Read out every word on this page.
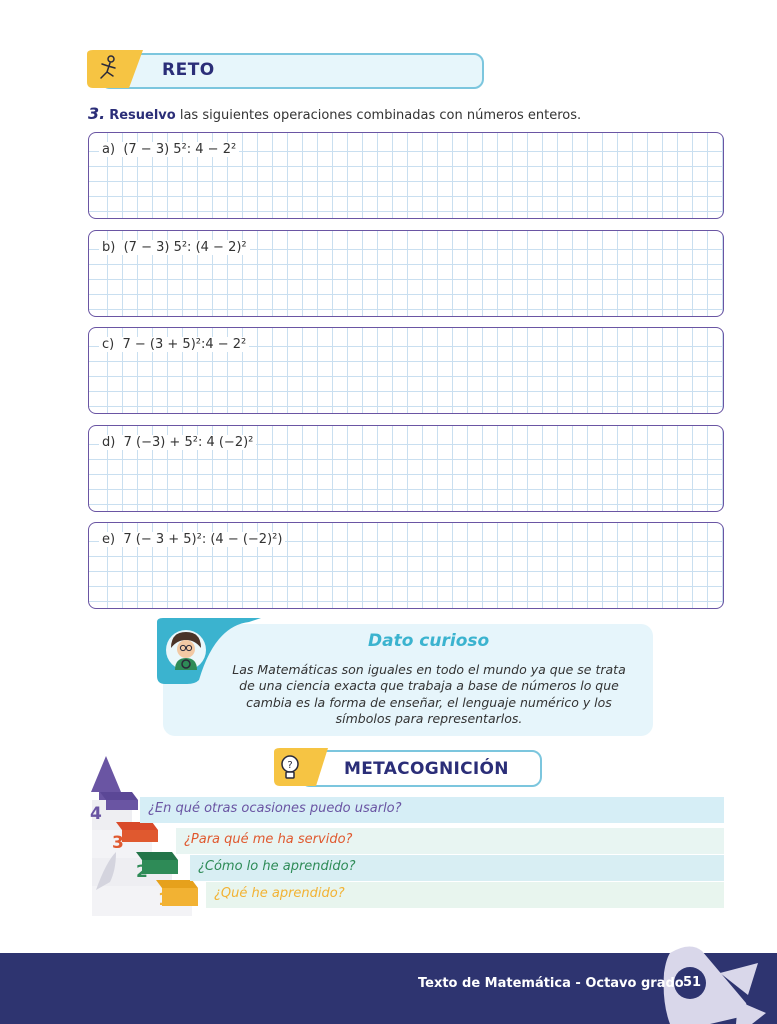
RETO
3. Resuelvo las siguientes operaciones combinadas con números enteros.
a) (7 − 3) 5²: 4 − 2²
b) (7 − 3) 5²: (4 − 2)²
c) 7 − (3 + 5)²:4 − 2²
d) 7 (−3) + 5²: 4 (−2)²
e) 7 (− 3 + 5)²: (4 − (−2)²)
Dato curioso
Las Matemáticas son iguales en todo el mundo ya que se trata de una ciencia exacta que trabaja a base de números lo que cambia es la forma de enseñar, el lenguaje numérico y los símbolos para representarlos.
?	METACOGNICIÓN
4
3
2
1
¿En qué otras ocasiones puedo usarlo?
¿Para qué me ha servido?
¿Cómo lo he aprendido?
¿Qué he aprendido?
Texto de Matemática - Octavo grado 51
